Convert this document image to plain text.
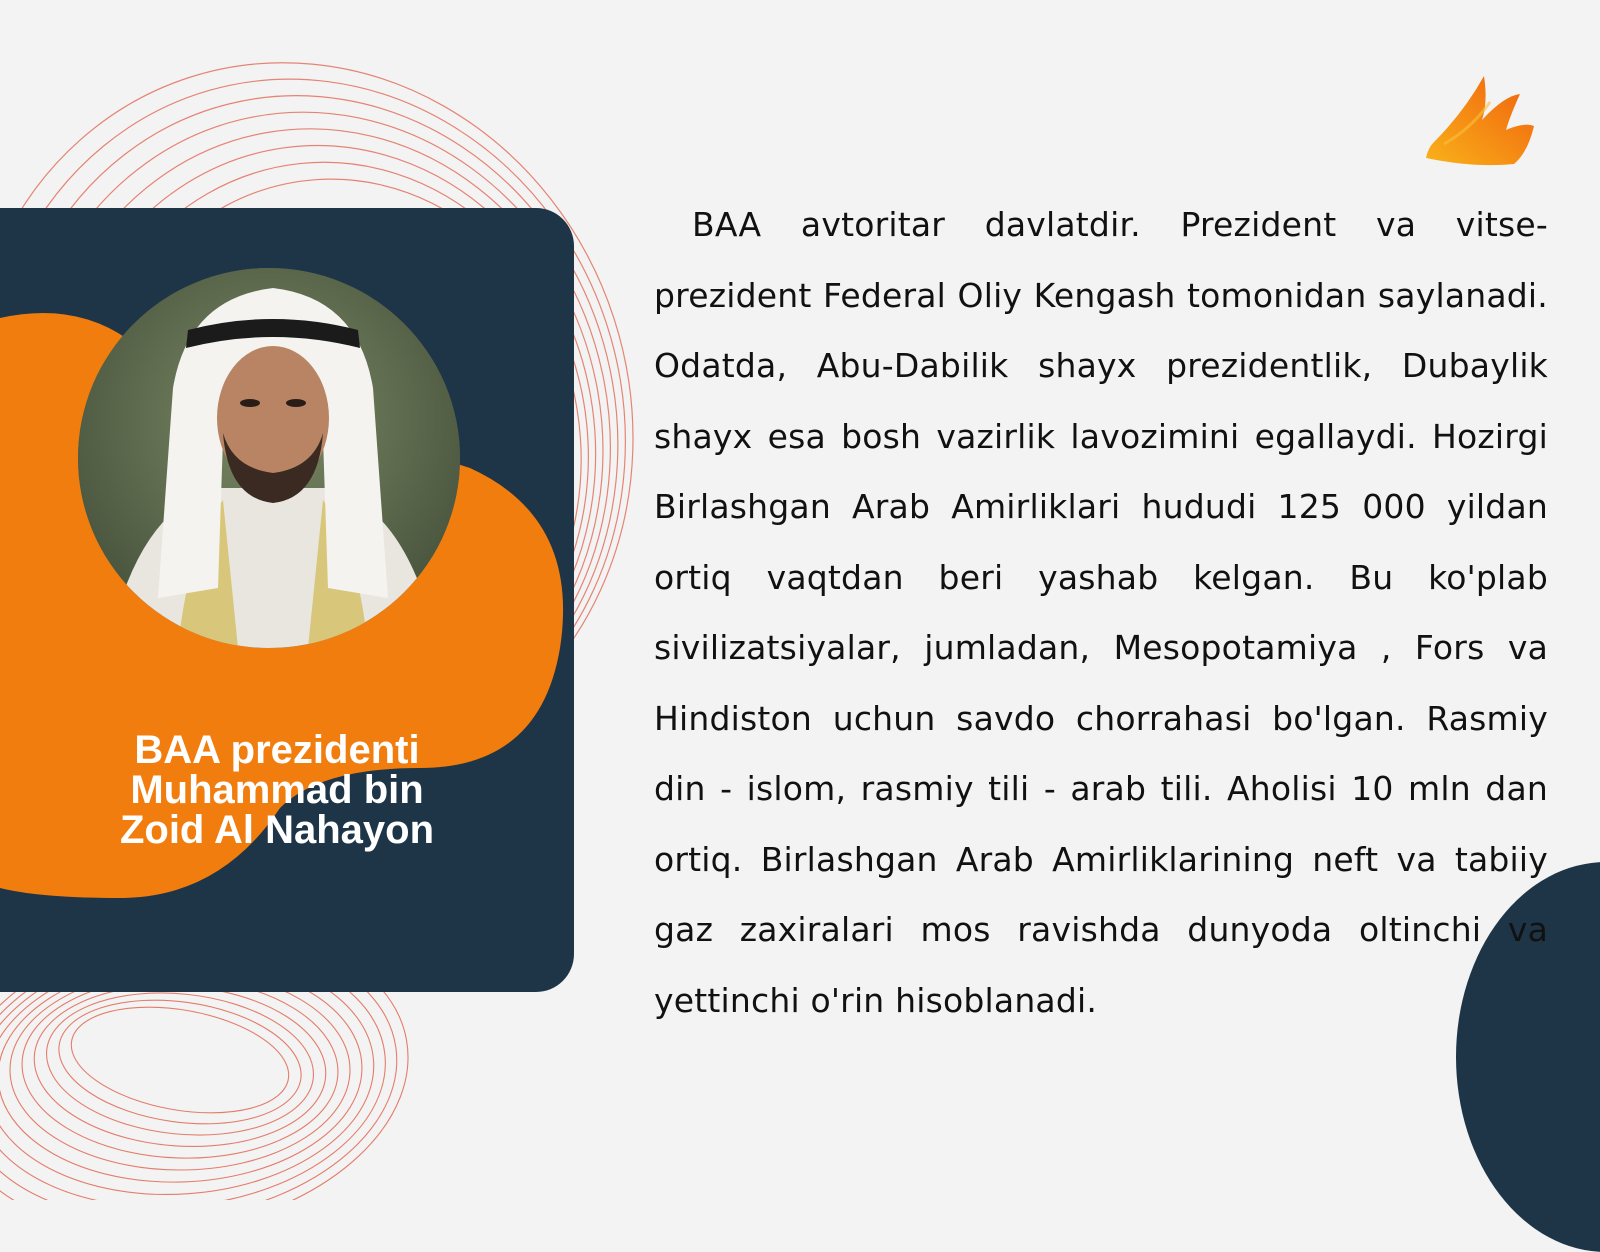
BAA prezidenti
Muhammad bin
Zoid Al Nahayon
BAA avtoritar davlatdir. Prezident va vitse-prezident Federal Oliy Kengash tomonidan saylanadi. Odatda, Abu-Dabilik shayx prezidentlik, Dubaylik shayx esa bosh vazirlik lavozimini egallaydi. Hozirgi Birlashgan Arab Amirliklari hududi 125 000 yildan ortiq vaqtdan beri yashab kelgan. Bu ko'plab sivilizatsiyalar, jumladan, Mesopotamiya , Fors va Hindiston uchun savdo chorrahasi bo'lgan. Rasmiy din - islom, rasmiy tili - arab tili. Aholisi 10 mln dan ortiq. Birlashgan Arab Amirliklarining neft va tabiiy gaz zaxiralari mos ravishda dunyoda oltinchi va yettinchi o'rin hisoblanadi.
